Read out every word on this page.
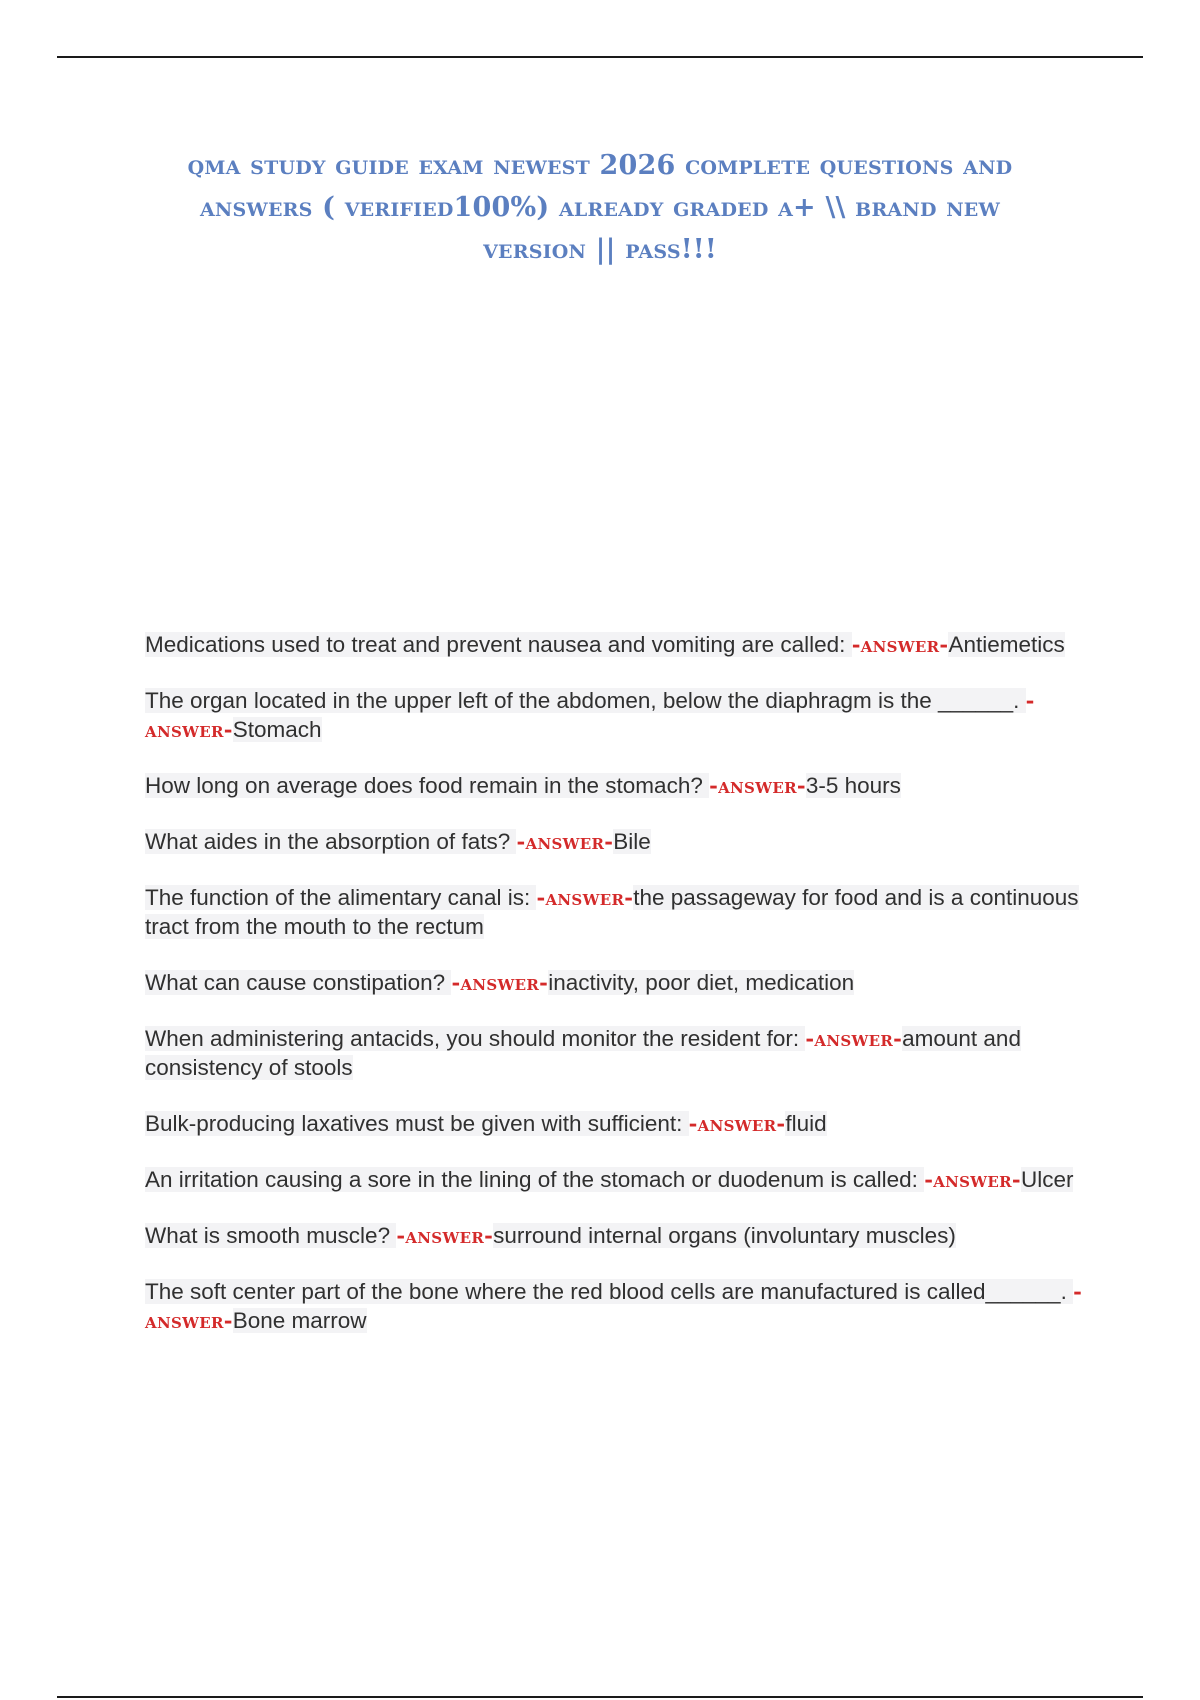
qma study guide exam newest 2026 complete questions and
answers ( verified100%) already graded a+ \\ brand new
version || pass!!!
Medications used to treat and prevent nausea and vomiting are called: -answer-Antiemetics
The organ located in the upper left of the abdomen, below the diaphragm is the ______. -answer-Stomach
How long on average does food remain in the stomach? -answer-3-5 hours
What aides in the absorption of fats? -answer-Bile
The function of the alimentary canal is: -answer-the passageway for food and is a continuous tract from the mouth to the rectum
What can cause constipation? -answer-inactivity, poor diet, medication
When administering antacids, you should monitor the resident for: -answer-amount and consistency of stools
Bulk-producing laxatives must be given with sufficient: -answer-fluid
An irritation causing a sore in the lining of the stomach or duodenum is called: -answer-Ulcer
What is smooth muscle? -answer-surround internal organs (involuntary muscles)
The soft center part of the bone where the red blood cells are manufactured is called______. -answer-Bone marrow
